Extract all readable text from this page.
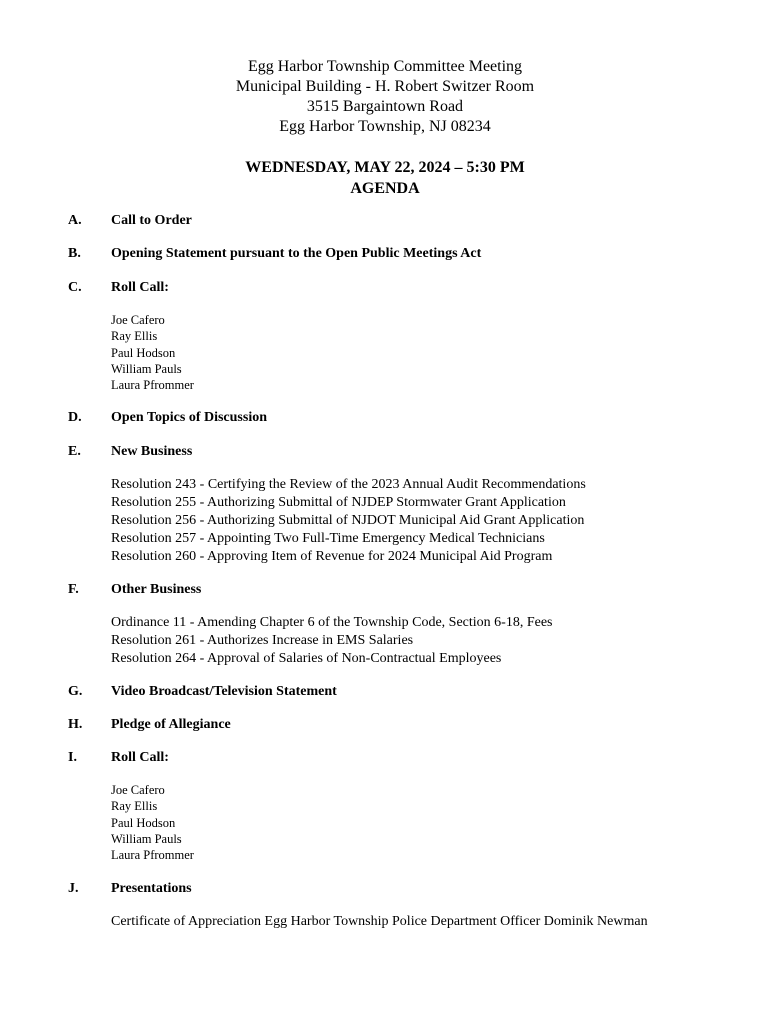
Egg Harbor Township Committee Meeting
Municipal Building - H. Robert Switzer Room
3515 Bargaintown Road
Egg Harbor Township, NJ 08234
WEDNESDAY, MAY 22, 2024 – 5:30 PM
AGENDA
A. Call to Order
B. Opening Statement pursuant to the Open Public Meetings Act
C. Roll Call:
Joe Cafero
Ray Ellis
Paul Hodson
William Pauls
Laura Pfrommer
D. Open Topics of Discussion
E. New Business
Resolution 243 - Certifying the Review of the 2023 Annual Audit Recommendations
Resolution 255 - Authorizing Submittal of NJDEP Stormwater Grant Application
Resolution 256 - Authorizing Submittal of NJDOT Municipal Aid Grant Application
Resolution 257 - Appointing Two Full-Time Emergency Medical Technicians
Resolution 260 - Approving Item of Revenue for 2024 Municipal Aid Program
F. Other Business
Ordinance 11 - Amending Chapter 6 of the Township Code, Section 6-18, Fees
Resolution 261 - Authorizes Increase in EMS Salaries
Resolution 264 - Approval of Salaries of Non-Contractual Employees
G. Video Broadcast/Television Statement
H. Pledge of Allegiance
I. Roll Call:
Joe Cafero
Ray Ellis
Paul Hodson
William Pauls
Laura Pfrommer
J. Presentations
Certificate of Appreciation Egg Harbor Township Police Department Officer Dominik Newman
